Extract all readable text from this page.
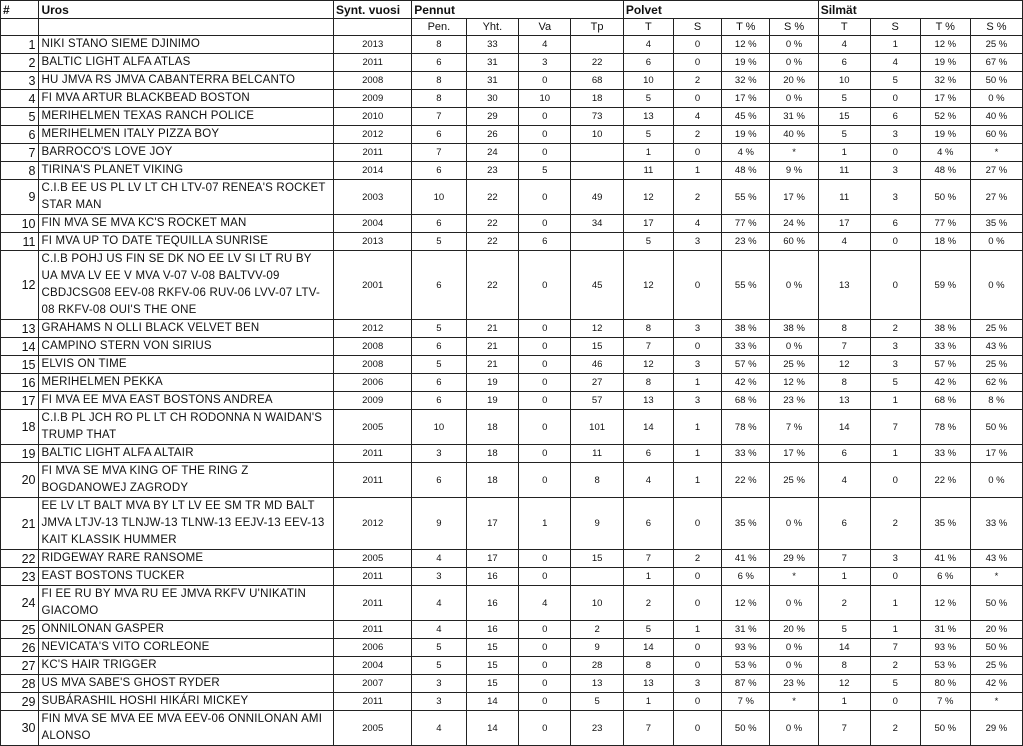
#	Uros	Synt. vuosi	Pennut				Polvet				Silmät			
			Pen.	Yht.	Va	Tp	T	S	T %	S %	T	S	T %	S %
1	NIKI STANO SIEME DJINIMO	2013	8	33	4		4	0	12 %	0 %	4	1	12 %	25 %
2	BALTIC LIGHT ALFA ATLAS	2011	6	31	3	22	6	0	19 %	0 %	6	4	19 %	67 %
3	HU JMVA RS JMVA CABANTERRA BELCANTO	2008	8	31	0	68	10	2	32 %	20 %	10	5	32 %	50 %
4	FI MVA ARTUR BLACKBEAD BOSTON	2009	8	30	10	18	5	0	17 %	0 %	5	0	17 %	0 %
5	MERIHELMEN TEXAS RANCH POLICE	2010	7	29	0	73	13	4	45 %	31 %	15	6	52 %	40 %
6	MERIHELMEN ITALY PIZZA BOY	2012	6	26	0	10	5	2	19 %	40 %	5	3	19 %	60 %
7	BARROCO'S LOVE JOY	2011	7	24	0		1	0	4 %	*	1	0	4 %	*
8	TIRINA'S PLANET VIKING	2014	6	23	5		11	1	48 %	9 %	11	3	48 %	27 %
9	C.I.B EE US PL LV LT CH LTV-07 RENEA'S ROCKET STAR MAN	2003	10	22	0	49	12	2	55 %	17 %	11	3	50 %	27 %
10	FIN MVA SE MVA KC'S ROCKET MAN	2004	6	22	0	34	17	4	77 %	24 %	17	6	77 %	35 %
11	FI MVA UP TO DATE TEQUILLA SUNRISE	2013	5	22	6		5	3	23 %	60 %	4	0	18 %	0 %
12	C.I.B POHJ US FIN SE DK NO EE LV SI LT RU BY UA MVA LV EE V MVA V-07 V-08 BALTVV-09 CBDJCSG08 EEV-08 RKFV-06 RUV-06 LVV-07 LTV-08 RKFV-08 OUI'S THE ONE	2001	6	22	0	45	12	0	55 %	0 %	13	0	59 %	0 %
13	GRAHAMS N OLLI BLACK VELVET BEN	2012	5	21	0	12	8	3	38 %	38 %	8	2	38 %	25 %
14	CAMPINO STERN VON SIRIUS	2008	6	21	0	15	7	0	33 %	0 %	7	3	33 %	43 %
15	ELVIS ON TIME	2008	5	21	0	46	12	3	57 %	25 %	12	3	57 %	25 %
16	MERIHELMEN PEKKA	2006	6	19	0	27	8	1	42 %	12 %	8	5	42 %	62 %
17	FI MVA EE MVA EAST BOSTONS ANDREA	2009	6	19	0	57	13	3	68 %	23 %	13	1	68 %	8 %
18	C.I.B PL JCH RO PL LT CH RODONNA N WAIDAN'S TRUMP THAT	2005	10	18	0	101	14	1	78 %	7 %	14	7	78 %	50 %
19	BALTIC LIGHT ALFA ALTAIR	2011	3	18	0	11	6	1	33 %	17 %	6	1	33 %	17 %
20	FI MVA SE MVA KING OF THE RING Z BOGDANOWEJ ZAGRODY	2011	6	18	0	8	4	1	22 %	25 %	4	0	22 %	0 %
21	EE LV LT BALT MVA BY LT LV EE SM TR MD BALT JMVA LTJV-13 TLNJW-13 TLNW-13 EEJV-13 EEV-13 KAIT KLASSIK HUMMER	2012	9	17	1	9	6	0	35 %	0 %	6	2	35 %	33 %
22	RIDGEWAY RARE RANSOME	2005	4	17	0	15	7	2	41 %	29 %	7	3	41 %	43 %
23	EAST BOSTONS TUCKER	2011	3	16	0		1	0	6 %	*	1	0	6 %	*
24	FI EE RU BY MVA RU EE JMVA RKFV U'NIKATIN GIACOMO	2011	4	16	4	10	2	0	12 %	0 %	2	1	12 %	50 %
25	ONNILONAN GASPER	2011	4	16	0	2	5	1	31 %	20 %	5	1	31 %	20 %
26	NEVICATA'S VITO CORLEONE	2006	5	15	0	9	14	0	93 %	0 %	14	7	93 %	50 %
27	KC'S HAIR TRIGGER	2004	5	15	0	28	8	0	53 %	0 %	8	2	53 %	25 %
28	US MVA SABE'S GHOST RYDER	2007	3	15	0	13	13	3	87 %	23 %	12	5	80 %	42 %
29	SUBÁRASHIL HOSHI HIKÁRI MICKEY	2011	3	14	0	5	1	0	7 %	*	1	0	7 %	*
30	FIN MVA SE MVA EE MVA EEV-06 ONNILONAN AMI ALONSO	2005	4	14	0	23	7	0	50 %	0 %	7	2	50 %	29 %
